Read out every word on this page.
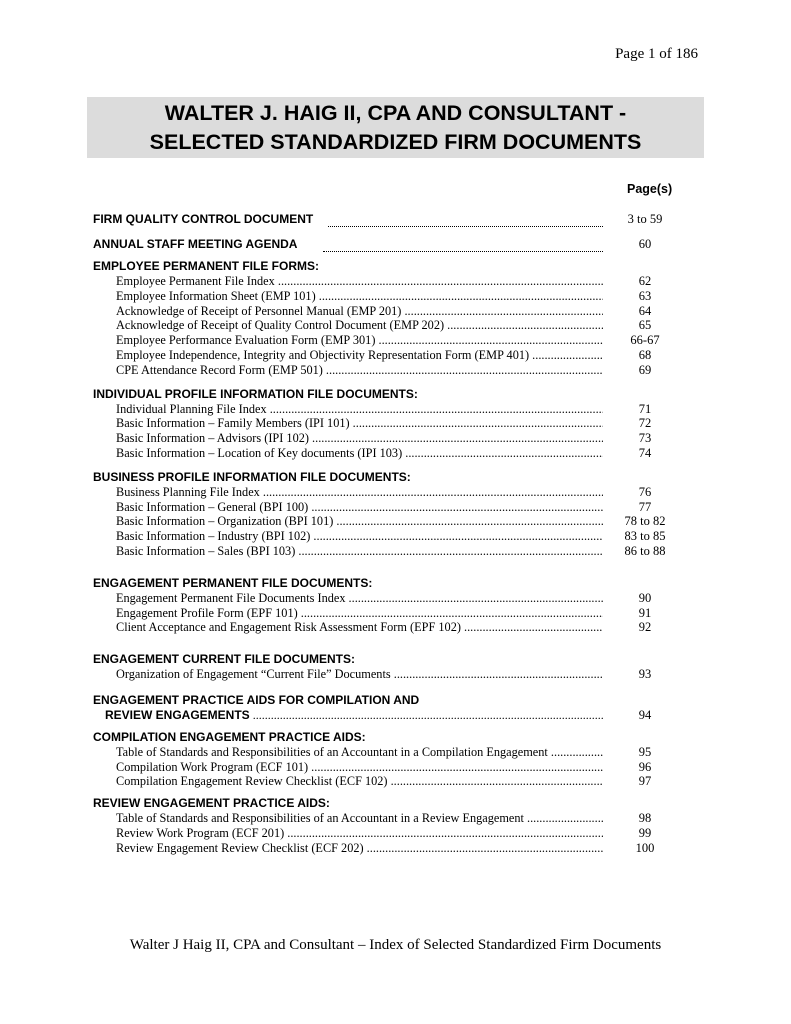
Page 1 of 186
WALTER J. HAIG II, CPA AND CONSULTANT -
SELECTED STANDARDIZED FIRM DOCUMENTS
Page(s)
FIRM QUALITY CONTROL DOCUMENT	3 to 59
ANNUAL STAFF MEETING AGENDA	60
EMPLOYEE PERMANENT FILE FORMS:
Employee Permanent File Index .....	62
Employee Information Sheet (EMP 101) .....	63
Acknowledge of Receipt of Personnel Manual (EMP 201) .....	64
Acknowledge of Receipt of Quality Control Document (EMP 202) .....	65
Employee Performance Evaluation Form (EMP 301) .....	66-67
Employee Independence, Integrity and Objectivity Representation Form (EMP 401) .....	68
CPE Attendance Record Form (EMP 501) .....	69
INDIVIDUAL PROFILE INFORMATION FILE DOCUMENTS:
Individual Planning File Index .....	71
Basic Information – Family Members (IPI 101) .....	72
Basic Information – Advisors (IPI 102) .....	73
Basic Information – Location of Key documents (IPI 103) .....	74
BUSINESS PROFILE INFORMATION FILE DOCUMENTS:
Business Planning File Index .....	76
Basic Information – General (BPI 100) .....	77
Basic Information – Organization (BPI 101) .....	78 to 82
Basic Information – Industry (BPI 102) .....	83 to 85
Basic Information – Sales (BPI 103) .....	86 to 88
ENGAGEMENT PERMANENT FILE DOCUMENTS:
Engagement Permanent File Documents Index .....	90
Engagement Profile Form (EPF 101) .....	91
Client Acceptance and Engagement Risk Assessment Form (EPF 102) .....	92
ENGAGEMENT CURRENT FILE DOCUMENTS:
Organization of Engagement “Current File” Documents .....	93
ENGAGEMENT PRACTICE AIDS FOR COMPILATION AND
REVIEW ENGAGEMENTS .....	94
COMPILATION ENGAGEMENT PRACTICE AIDS:
Table of Standards and Responsibilities of an Accountant in a Compilation Engagement .....	95
Compilation Work Program (ECF 101) .....	96
Compilation Engagement Review Checklist (ECF 102) .....	97
REVIEW ENGAGEMENT PRACTICE AIDS:
Table of Standards and Responsibilities of an Accountant in a Review Engagement .....	98
Review Work Program (ECF 201) .....	99
Review Engagement Review Checklist (ECF 202) .....	100
Walter J Haig II, CPA and Consultant – Index of Selected Standardized Firm Documents
